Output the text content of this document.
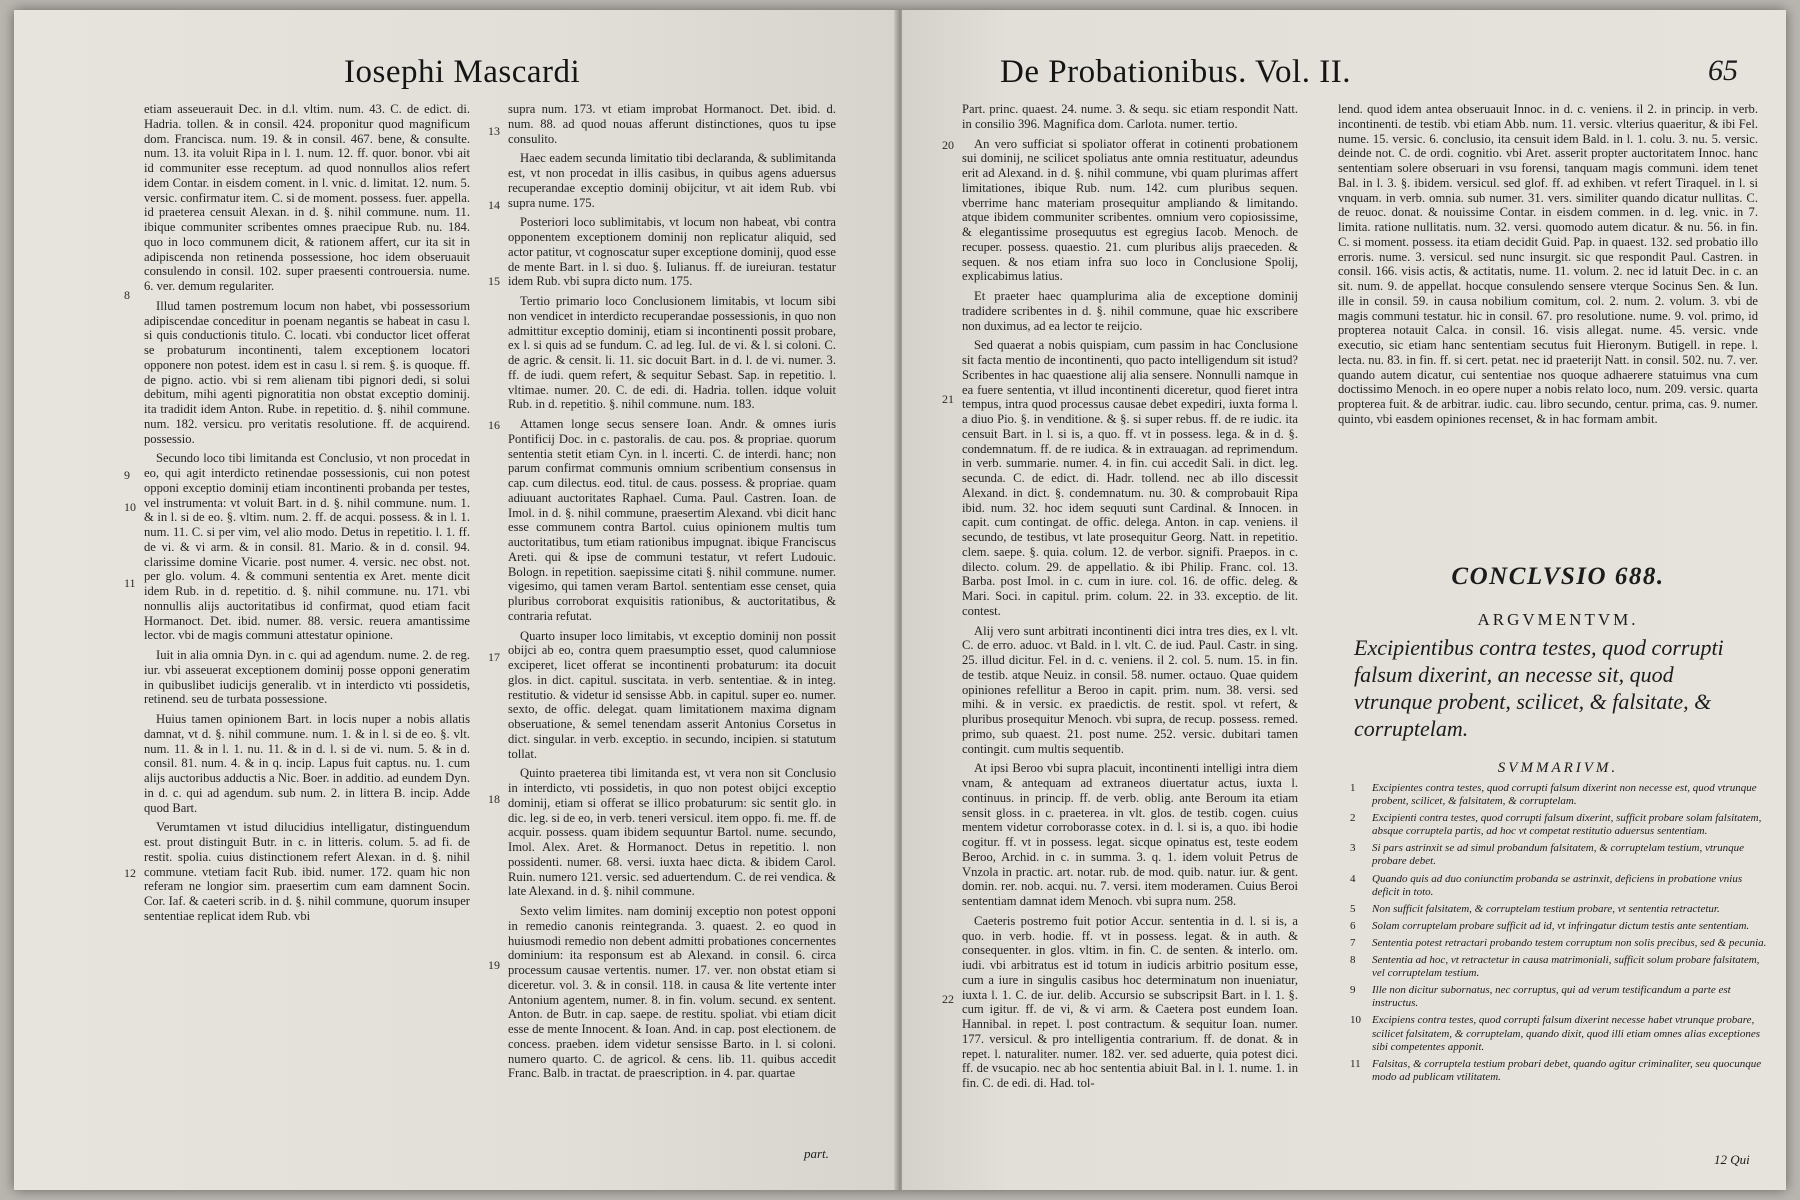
Iosephi Mascardi

etiam asseuerauit Dec. in d.l. vltim. num. 43. C. de edict. di. Hadria. tollen. & in consil. 424. proponitur quod magnificum dom. Francisca. num. 19. & in consil. 467. bene, & consulte. num. 13. ita voluit Ripa in l. 1. num. 12. ff. quor. bonor. vbi ait id communiter esse receptum. ad quod nonnullos alios refert idem Contar. in eisdem coment. in l. vnic. d. limitat. 12. num. 5. versic. confirmatur item. C. si de moment. possess. fuer. appella. id praeterea censuit Alexan. in d. §. nihil commune. num. 11. ibique communiter scribentes omnes praecipue Rub. nu. 184. quo in loco communem dicit, & rationem affert, cur ita sit in adipiscenda non retinenda possessione, hoc idem obseruauit consulendo in consil. 102. super praesenti controuersia. nume. 6. ver. demum regulariter.

Illud tamen postremum locum non habet, vbi possessorium adipiscendae conceditur in poenam negantis se habeat in casu l. si quis conductionis titulo. C. locati. vbi conductor licet offerat se probaturum incontinenti, talem exceptionem locatori opponere non potest. idem est in casu l. si rem. §. is quoque. ff. de pigno. actio. vbi si rem alienam tibi pignori dedi, si solui debitum, mihi agenti pignoratitia non obstat exceptio dominij. ita tradidit idem Anton. Rube. in repetitio. d. §. nihil commune. num. 182. versicu. pro veritatis resolutione. ff. de acquirend. possessio.

Secundo loco tibi limitanda est Conclusio, vt non procedat in eo, qui agit interdicto retinendae possessionis, cui non potest opponi exceptio dominij etiam incontinenti probanda per testes, vel instrumenta: vt voluit Bart. in d. §. nihil commune. num. 1. & in l. si de eo. §. vltim. num. 2. ff. de acqui. possess. & in l. 1. num. 11. C. si per vim, vel alio modo. Detus in repetitio. l. 1. ff. de vi. & vi arm. & in consil. 81. Mario. & in d. consil. 94. clarissime domine Vicarie. post numer. 4. versic. nec obst. not. per glo. volum. 4. & communi sententia ex Aret. mente dicit idem Rub. in d. repetitio. d. §. nihil commune. nu. 171. vbi nonnullis alijs auctoritatibus id confirmat, quod etiam facit Hormanoct. Det. ibid. numer. 88. versic. reuera amantissime lector. vbi de magis communi attestatur opinione.

Iuit in alia omnia Dyn. in c. qui ad agendum. nume. 2. de reg. iur. vbi asseuerat exceptionem dominij posse opponi generatim in quibuslibet iudicijs generalib. vt in interdicto vti possidetis, retinend. seu de turbata possessione.

Huius tamen opinionem Bart. in locis nuper a nobis allatis damnat, vt d. §. nihil commune. num. 1. & in l. si de eo. §. vlt. num. 11. & in l. 1. nu. 11. & in d. l. si de vi. num. 5. & in d. consil. 81. num. 4. & in q. incip. Lapus fuit captus. nu. 1. cum alijs auctoribus adductis a Nic. Boer. in additio. ad eundem Dyn. in d. c. qui ad agendum. sub num. 2. in littera B. incip. Adde quod Bart.

Verumtamen vt istud dilucidius intelligatur, distinguendum est. prout distinguit Butr. in c. in litteris. colum. 5. ad fi. de restit. spolia. cuius distinctionem refert Alexan. in d. §. nihil commune. vtetiam facit Rub. ibid. numer. 172. quam hic non referam ne longior sim. praesertim cum eam damnent Socin. Cor. Iaf. & caeteri scrib. in d. §. nihil commune, quorum insuper sententiae replicat idem Rub. vbi

8
9
10
11
12

supra num. 173. vt etiam improbat Hormanoct. Det. ibid. d. num. 88. ad quod nouas afferunt distinctiones, quos tu ipse consulito.

Haec eadem secunda limitatio tibi declaranda, & sublimitanda est, vt non procedat in illis casibus, in quibus agens aduersus recuperandae exceptio dominij obijcitur, vt ait idem Rub. vbi supra nume. 175.

Posteriori loco sublimitabis, vt locum non habeat, vbi contra opponentem exceptionem dominij non replicatur aliquid, sed actor patitur, vt cognoscatur super exceptione dominij, quod esse de mente Bart. in l. si duo. §. Iulianus. ff. de iureiuran. testatur idem Rub. vbi supra dicto num. 175.

Tertio primario loco Conclusionem limitabis, vt locum sibi non vendicet in interdicto recuperandae possessionis, in quo non admittitur exceptio dominij, etiam si incontinenti possit probare, ex l. si quis ad se fundum. C. ad leg. Iul. de vi. & l. si coloni. C. de agric. & censit. li. 11. sic docuit Bart. in d. l. de vi. numer. 3. ff. de iudi. quem refert, & sequitur Sebast. Sap. in repetitio. l. vltimae. numer. 20. C. de edi. di. Hadria. tollen. idque voluit Rub. in d. repetitio. §. nihil commune. num. 183.

Attamen longe secus sensere Ioan. Andr. & omnes iuris Pontificij Doc. in c. pastoralis. de cau. pos. & propriae. quorum sententia stetit etiam Cyn. in l. incerti. C. de interdi. hanc; non parum confirmat communis omnium scribentium consensus in cap. cum dilectus. eod. titul. de caus. possess. & propriae. quam adiuuant auctoritates Raphael. Cuma. Paul. Castren. Ioan. de Imol. in d. §. nihil commune, praesertim Alexand. vbi dicit hanc esse communem contra Bartol. cuius opinionem multis tum auctoritatibus, tum etiam rationibus impugnat. ibique Franciscus Areti. qui & ipse de communi testatur, vt refert Ludouic. Bologn. in repetition. saepissime citati §. nihil commune. numer. vigesimo, qui tamen veram Bartol. sententiam esse censet, quia pluribus corroborat exquisitis rationibus, & auctoritatibus, & contraria refutat.

Quarto insuper loco limitabis, vt exceptio dominij non possit obijci ab eo, contra quem praesumptio esset, quod calumniose exciperet, licet offerat se incontinenti probaturum: ita docuit glos. in dict. capitul. suscitata. in verb. sententiae. & in integ. restitutio. & videtur id sensisse Abb. in capitul. super eo. numer. sexto, de offic. delegat. quam limitationem maxima dignam obseruatione, & semel tenendam asserit Antonius Corsetus in dict. singular. in verb. exceptio. in secundo, incipien. si statutum tollat.

Quinto praeterea tibi limitanda est, vt vera non sit Conclusio in interdicto, vti possidetis, in quo non potest obijci exceptio dominij, etiam si offerat se illico probaturum: sic sentit glo. in dic. leg. si de eo, in verb. teneri versicul. item oppo. fi. me. ff. de acquir. possess. quam ibidem sequuntur Bartol. nume. secundo, Imol. Alex. Aret. & Hormanoct. Detus in repetitio. l. non possidenti. numer. 68. versi. iuxta haec dicta. & ibidem Carol. Ruin. numero 121. versic. sed aduertendum. C. de rei vendica. & late Alexand. in d. §. nihil commune.

Sexto velim limites. nam dominij exceptio non potest opponi in remedio canonis reintegranda. 3. quaest. 2. eo quod in huiusmodi remedio non debent admitti probationes concernentes dominium: ita responsum est ab Alexand. in consil. 6. circa processum causae vertentis. numer. 17. ver. non obstat etiam si diceretur. vol. 3. & in consil. 118. in causa & lite vertente inter Antonium agentem, numer. 8. in fin. volum. secund. ex sentent. Anton. de Butr. in cap. saepe. de restitu. spoliat. vbi etiam dicit esse de mente Innocent. & Ioan. And. in cap. post electionem. de concess. praeben. idem videtur sensisse Barto. in l. si coloni. numero quarto. C. de agricol. & cens. lib. 11. quibus accedit Franc. Balb. in tractat. de praescription. in 4. par. quartae

13
14
15
16
17
18
19
part.
De Probationibus. Vol. II.	65

Part. princ. quaest. 24. nume. 3. & sequ. sic etiam respondit Natt. in consilio 396. Magnifica dom. Carlota. numer. tertio.

An vero sufficiat si spoliator offerat in cotinenti probationem sui dominij, ne scilicet spoliatus ante omnia restituatur, adeundus erit ad Alexand. in d. §. nihil commune, vbi quam plurimas affert limitationes, ibique Rub. num. 142. cum pluribus sequen. vberrime hanc materiam prosequitur ampliando & limitando. atque ibidem communiter scribentes. omnium vero copiosissime, & elegantissime prosequutus est egregius Iacob. Menoch. de recuper. possess. quaestio. 21. cum pluribus alijs praeceden. & sequen. & nos etiam infra suo loco in Conclusione Spolij, explicabimus latius.

Et praeter haec quamplurima alia de exceptione dominij tradidere scribentes in d. §. nihil commune, quae hic exscribere non duximus, ad ea lector te reijcio.

Sed quaerat a nobis quispiam, cum passim in hac Conclusione sit facta mentio de incontinenti, quo pacto intelligendum sit istud? Scribentes in hac quaestione alij alia sensere. Nonnulli namque in ea fuere sententia, vt illud incontinenti diceretur, quod fieret intra tempus, intra quod processus causae debet expediri, iuxta forma l. a diuo Pio. §. in venditione. & §. si super rebus. ff. de re iudic. ita censuit Bart. in l. si is, a quo. ff. vt in possess. lega. & in d. §. condemnatum. ff. de re iudica. & in extrauagan. ad reprimendum. in verb. summarie. numer. 4. in fin. cui accedit Sali. in dict. leg. secunda. C. de edict. di. Hadr. tollend. nec ab illo discessit Alexand. in dict. §. condemnatum. nu. 30. & comprobauit Ripa ibid. num. 32. hoc idem sequuti sunt Cardinal. & Innocen. in capit. cum contingat. de offic. delega. Anton. in cap. veniens. il secundo, de testibus, vt late prosequitur Georg. Natt. in repetitio. clem. saepe. §. quia. colum. 12. de verbor. signifi. Praepos. in c. dilecto. colum. 29. de appellatio. & ibi Philip. Franc. col. 13. Barba. post Imol. in c. cum in iure. col. 16. de offic. deleg. & Mari. Soci. in capitul. prim. colum. 22. in 33. exceptio. de lit. contest.

Alij vero sunt arbitrati incontinenti dici intra tres dies, ex l. vlt. C. de erro. aduoc. vt Bald. in l. vlt. C. de iud. Paul. Castr. in sing. 25. illud dicitur. Fel. in d. c. veniens. il 2. col. 5. num. 15. in fin. de testib. atque Neuiz. in consil. 58. numer. octauo. Quae quidem opiniones refellitur a Beroo in capit. prim. num. 38. versi. sed mihi. & in versic. ex praedictis. de restit. spol. vt refert, & pluribus prosequitur Menoch. vbi supra, de recup. possess. remed. primo, sub quaest. 21. post nume. 252. versic. dubitari tamen contingit. cum multis sequentib.

At ipsi Beroo vbi supra placuit, incontinenti intelligi intra diem vnam, & antequam ad extraneos diuertatur actus, iuxta l. continuus. in princip. ff. de verb. oblig. ante Beroum ita etiam sensit gloss. in c. praeterea. in vlt. glos. de testib. cogen. cuius mentem videtur corroborasse cotex. in d. l. si is, a quo. ibi hodie cogitur. ff. vt in possess. legat. sicque opinatus est, teste eodem Beroo, Archid. in c. in summa. 3. q. 1. idem voluit Petrus de Vnzola in practic. art. notar. rub. de mod. quib. natur. iur. & gent. domin. rer. nob. acqui. nu. 7. versi. item moderamen. Cuius Beroi sententiam damnat idem Menoch. vbi supra num. 258.

Caeteris postremo fuit potior Accur. sententia in d. l. si is, a quo. in verb. hodie. ff. vt in possess. legat. & in auth. & consequenter. in glos. vltim. in fin. C. de senten. & interlo. om. iudi. vbi arbitratus est id totum in iudicis arbitrio positum esse, cum a iure in singulis casibus hoc determinatum non inueniatur, iuxta l. 1. C. de iur. delib. Accursio se subscripsit Bart. in l. 1. §. cum igitur. ff. de vi, & vi arm. & Caetera post eundem Ioan. Hannibal. in repet. l. post contractum. & sequitur Ioan. numer. 177. versicul. & pro intelligentia contrarium. ff. de donat. & in repet. l. naturaliter. numer. 182. ver. sed aduerte, quia potest dici. ff. de vsucapio. nec ab hoc sententia abiuit Bal. in l. 1. nume. 1. in fin. C. de edi. di. Had. tol-

20
21
22

lend. quod idem antea obseruauit Innoc. in d. c. veniens. il 2. in princip. in verb. incontinenti. de testib. vbi etiam Abb. num. 11. versic. vlterius quaeritur, & ibi Fel. nume. 15. versic. 6. conclusio, ita censuit idem Bald. in l. 1. colu. 3. nu. 5. versic. deinde not. C. de ordi. cognitio. vbi Aret. asserit propter auctoritatem Innoc. hanc sententiam solere obseruari in vsu forensi, tanquam magis communi. idem tenet Bal. in l. 3. §. ibidem. versicul. sed glof. ff. ad exhiben. vt refert Tiraquel. in l. si vnquam. in verb. omnia. sub numer. 31. vers. similiter quando dicatur nullitas. C. de reuoc. donat. & nouissime Contar. in eisdem commen. in d. leg. vnic. in 7. limita. ratione nullitatis. num. 32. versi. quomodo autem dicatur. & nu. 56. in fin. C. si moment. possess. ita etiam decidit Guid. Pap. in quaest. 132. sed probatio illo erroris. nume. 3. versicul. sed nunc insurgit. sic que respondit Paul. Castren. in consil. 166. visis actis, & actitatis, nume. 11. volum. 2. nec id latuit Dec. in c. an sit. num. 9. de appellat. hocque consulendo sensere vterque Socinus Sen. & Iun. ille in consil. 59. in causa nobilium comitum, col. 2. num. 2. volum. 3. vbi de magis communi testatur. hic in consil. 67. pro resolutione. nume. 9. vol. primo, id propterea notauit Calca. in consil. 16. visis allegat. nume. 45. versic. vnde executio, sic etiam hanc sententiam secutus fuit Hieronym. Butigell. in repe. l. lecta. nu. 83. in fin. ff. si cert. petat. nec id praeterijt Natt. in consil. 502. nu. 7. ver. quando autem dicatur, cui sententiae nos quoque adhaerere statuimus vna cum doctissimo Menoch. in eo opere nuper a nobis relato loco, num. 209. versic. quarta propterea fuit. & de arbitrar. iudic. cau. libro secundo, centur. prima, cas. 9. numer. quinto, vbi easdem opiniones recenset, & in hac formam ambit.

CONCLVSIO 688.
ARGVMENTVM.
Excipientibus contra testes, quod corrupti falsum dixerint, an necesse sit, quod vtrunque probent, scilicet, & falsitate, & corruptelam.
SVMMARIVM.
1 Excipientes contra testes, quod corrupti falsum dixerint non necesse est, quod vtrunque probent, scilicet, & falsitatem, & corruptelam.
2 Excipienti contra testes, quod corrupti falsum dixerint, sufficit probare solam falsitatem, absque corruptela partis, ad hoc vt competat restitutio aduersus sententiam.
3 Si pars astrinxit se ad simul probandum falsitatem, & corruptelam testium, vtrunque probare debet.
4 Quando quis ad duo coniunctim probanda se astrinxit, deficiens in probatione vnius deficit in toto.
5 Non sufficit falsitatem, & corruptelam testium probare, vt sententia retractetur.
6 Solam corruptelam probare sufficit ad id, vt infringatur dictum testis ante sententiam.
7 Sententia potest retractari probando testem corruptum non solis precibus, sed & pecunia.
8 Sententia ad hoc, vt retractetur in causa matrimoniali, sufficit solum probare falsitatem, vel corruptelam testium.
9 Ille non dicitur subornatus, nec corruptus, qui ad verum testificandum a parte est instructus.
10 Excipiens contra testes, quod corrupti falsum dixerint necesse habet vtrunque probare, scilicet falsitatem, & corruptelam, quando dixit, quod illi etiam omnes alias exceptiones sibi competentes apponit.
11 Falsitas, & corruptela testium probari debet, quando agitur criminaliter, seu quocunque modo ad publicam vtilitatem.
12 Qui
